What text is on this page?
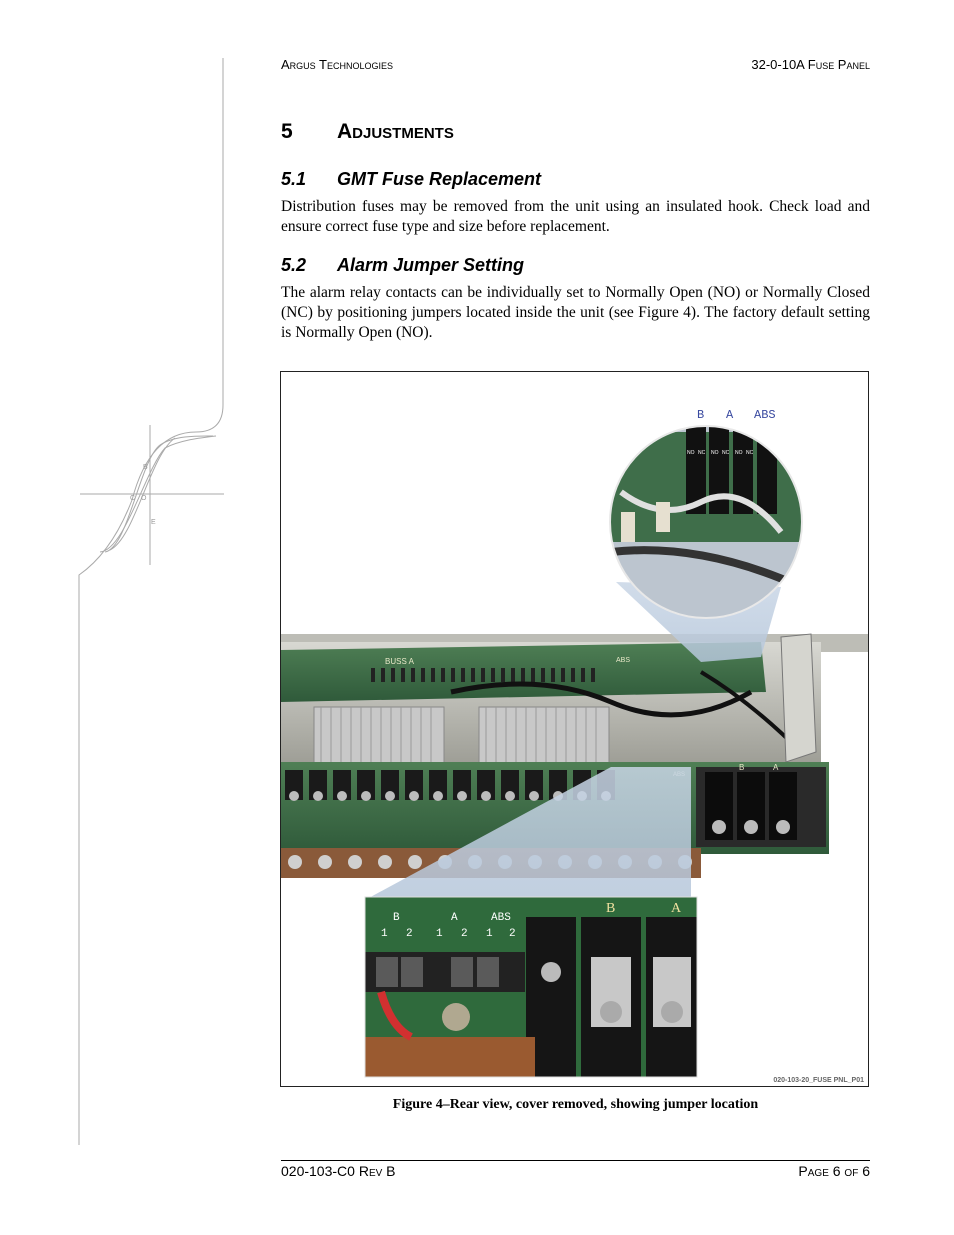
B
C O
E
Argus Technologies	32-0-10A Fuse Panel
5 Adjustments
5.1 GMT Fuse Replacement
Distribution fuses may be removed from the unit using an insulated hook. Check load and ensure correct fuse type and size before replacement.
5.2 Alarm Jumper Setting
The alarm relay contacts can be individually set to Normally Open (NO) or Normally Closed (NC) by positioning jumpers located inside the unit (see Figure 4). The factory default setting is Normally Open (NO).
BUSS A	ABS
B	A
B A ABS
NO NC NO NC NO NC
B	A	ABS
1 2 1 2 1 2
B	A
020-103-20_FUSE PNL_P01
Figure 4–Rear view, cover removed, showing jumper location
020-103-C0 Rev B	Page 6 of 6
